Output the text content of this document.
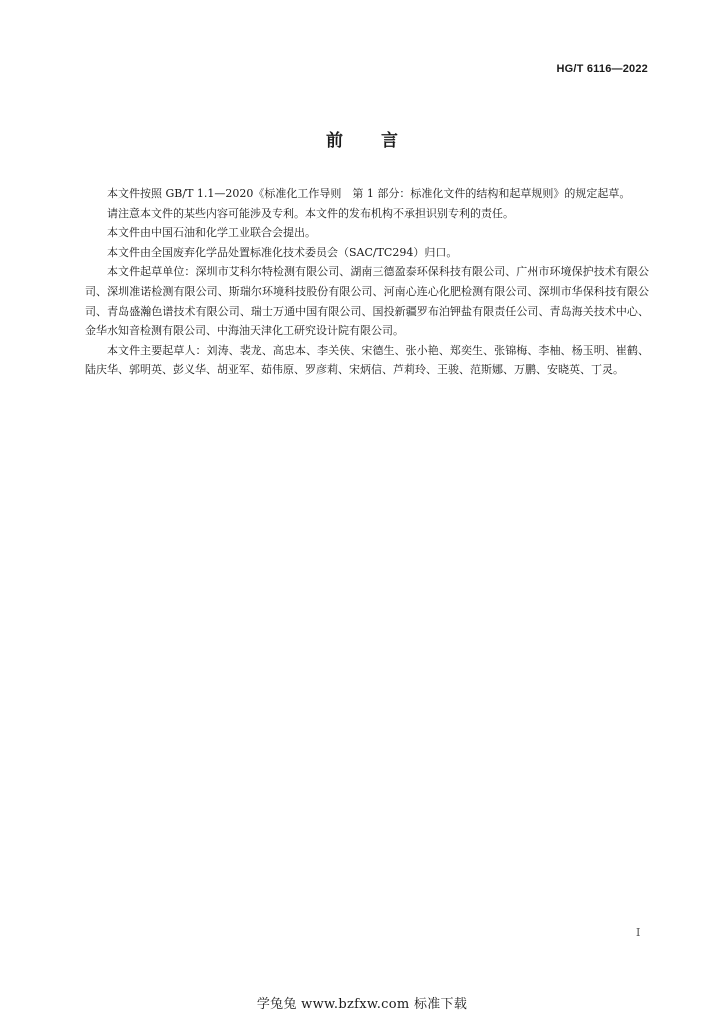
HG/T 6116—2022
前言

本文件按照 GB/T 1.1—2020《标准化工作导则　第 1 部分：标准化文件的结构和起草规则》的规定起草。

请注意本文件的某些内容可能涉及专利。本文件的发布机构不承担识别专利的责任。

本文件由中国石油和化学工业联合会提出。

本文件由全国废弃化学品处置标准化技术委员会（SAC/TC294）归口。

本文件起草单位：深圳市艾科尔特检测有限公司、湖南三德盈泰环保科技有限公司、广州市环境保护技术有限公司、深圳准诺检测有限公司、斯瑞尔环境科技股份有限公司、河南心连心化肥检测有限公司、深圳市华保科技有限公司、青岛盛瀚色谱技术有限公司、瑞士万通中国有限公司、国投新疆罗布泊钾盐有限责任公司、青岛海关技术中心、金华水知音检测有限公司、中海油天津化工研究设计院有限公司。

本文件主要起草人：刘涛、裴龙、高忠本、李关侠、宋德生、张小艳、郑奕生、张锦梅、李柚、杨玉明、崔鹤、陆庆华、郭明英、彭义华、胡亚军、茹伟原、罗彦莉、宋炳信、芦莉玲、王骏、范斯娜、万鹏、安晓英、丁灵。

I
学兔兔 www.bzfxw.com 标准下载
